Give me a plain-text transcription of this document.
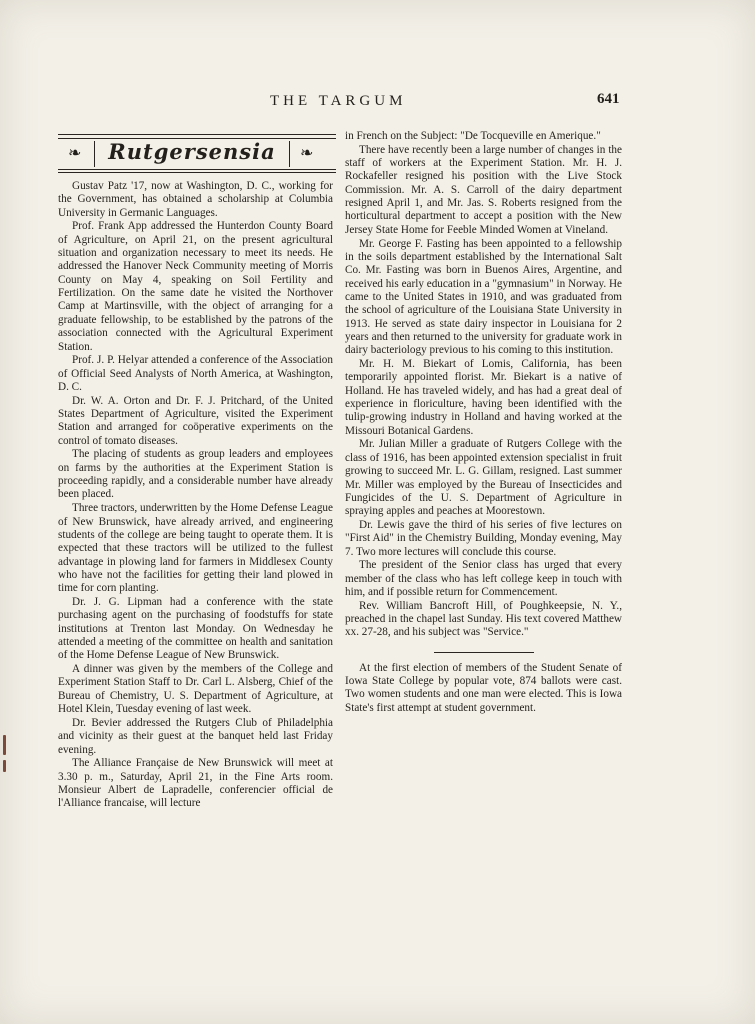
THE TARGUM	641
❧	Rutgersensia	❧

Gustav Patz '17, now at Washington, D. C., working for the Government, has obtained a scholarship at Columbia University in Germanic Languages.

Prof. Frank App addressed the Hunterdon County Board of Agriculture, on April 21, on the present agricultural situation and organization necessary to meet its needs. He addressed the Hanover Neck Community meeting of Morris County on May 4, speaking on Soil Fertility and Fertilization. On the same date he visited the Northover Camp at Martinsville, with the object of arranging for a graduate fellowship, to be established by the patrons of the association connected with the Agricultural Experiment Station.

Prof. J. P. Helyar attended a conference of the Association of Official Seed Analysts of North America, at Washington, D. C.

Dr. W. A. Orton and Dr. F. J. Pritchard, of the United States Department of Agriculture, visited the Experiment Station and arranged for coöperative experiments on the control of tomato diseases.

The placing of students as group leaders and employees on farms by the authorities at the Experiment Station is proceeding rapidly, and a considerable number have already been placed.

Three tractors, underwritten by the Home Defense League of New Brunswick, have already arrived, and engineering students of the college are being taught to operate them. It is expected that these tractors will be utilized to the fullest advantage in plowing land for farmers in Middlesex County who have not the facilities for getting their land plowed in time for corn planting.

Dr. J. G. Lipman had a conference with the state purchasing agent on the purchasing of foodstuffs for state institutions at Trenton last Monday. On Wednesday he attended a meeting of the committee on health and sanitation of the Home Defense League of New Brunswick.

A dinner was given by the members of the College and Experiment Station Staff to Dr. Carl L. Alsberg, Chief of the Bureau of Chemistry, U. S. Department of Agriculture, at Hotel Klein, Tuesday evening of last week.

Dr. Bevier addressed the Rutgers Club of Philadelphia and vicinity as their guest at the banquet held last Friday evening.

The Alliance Française de New Brunswick will meet at 3.30 p. m., Saturday, April 21, in the Fine Arts room. Monsieur Albert de Lapradelle, conferencier official de l'Alliance francaise, will lecture

in French on the Subject: "De Tocqueville en Amerique."

There have recently been a large number of changes in the staff of workers at the Experiment Station. Mr. H. J. Rockafeller resigned his position with the Live Stock Commission. Mr. A. S. Carroll of the dairy department resigned April 1, and Mr. Jas. S. Roberts resigned from the horticultural department to accept a position with the New Jersey State Home for Feeble Minded Women at Vineland.

Mr. George F. Fasting has been appointed to a fellowship in the soils department established by the International Salt Co. Mr. Fasting was born in Buenos Aires, Argentine, and received his early education in a "gymnasium" in Norway. He came to the United States in 1910, and was graduated from the school of agriculture of the Louisiana State University in 1913. He served as state dairy inspector in Louisiana for 2 years and then returned to the university for graduate work in dairy bacteriology previous to his coming to this institution.

Mr. H. M. Biekart of Lomis, California, has been temporarily appointed florist. Mr. Biekart is a native of Holland. He has traveled widely, and has had a great deal of experience in floriculture, having been identified with the tulip-growing industry in Holland and having worked at the Missouri Botanical Gardens.

Mr. Julian Miller a graduate of Rutgers College with the class of 1916, has been appointed extension specialist in fruit growing to succeed Mr. L. G. Gillam, resigned. Last summer Mr. Miller was employed by the Bureau of Insecticides and Fungicides of the U. S. Department of Agriculture in spraying apples and peaches at Moorestown.

Dr. Lewis gave the third of his series of five lectures on "First Aid" in the Chemistry Building, Monday evening, May 7. Two more lectures will conclude this course.

The president of the Senior class has urged that every member of the class who has left college keep in touch with him, and if possible return for Commencement.

Rev. William Bancroft Hill, of Poughkeepsie, N. Y., preached in the chapel last Sunday. His text covered Matthew xx. 27-28, and his subject was "Service."

At the first election of members of the Student Senate of Iowa State College by popular vote, 874 ballots were cast. Two women students and one man were elected. This is Iowa State's first attempt at student government.
